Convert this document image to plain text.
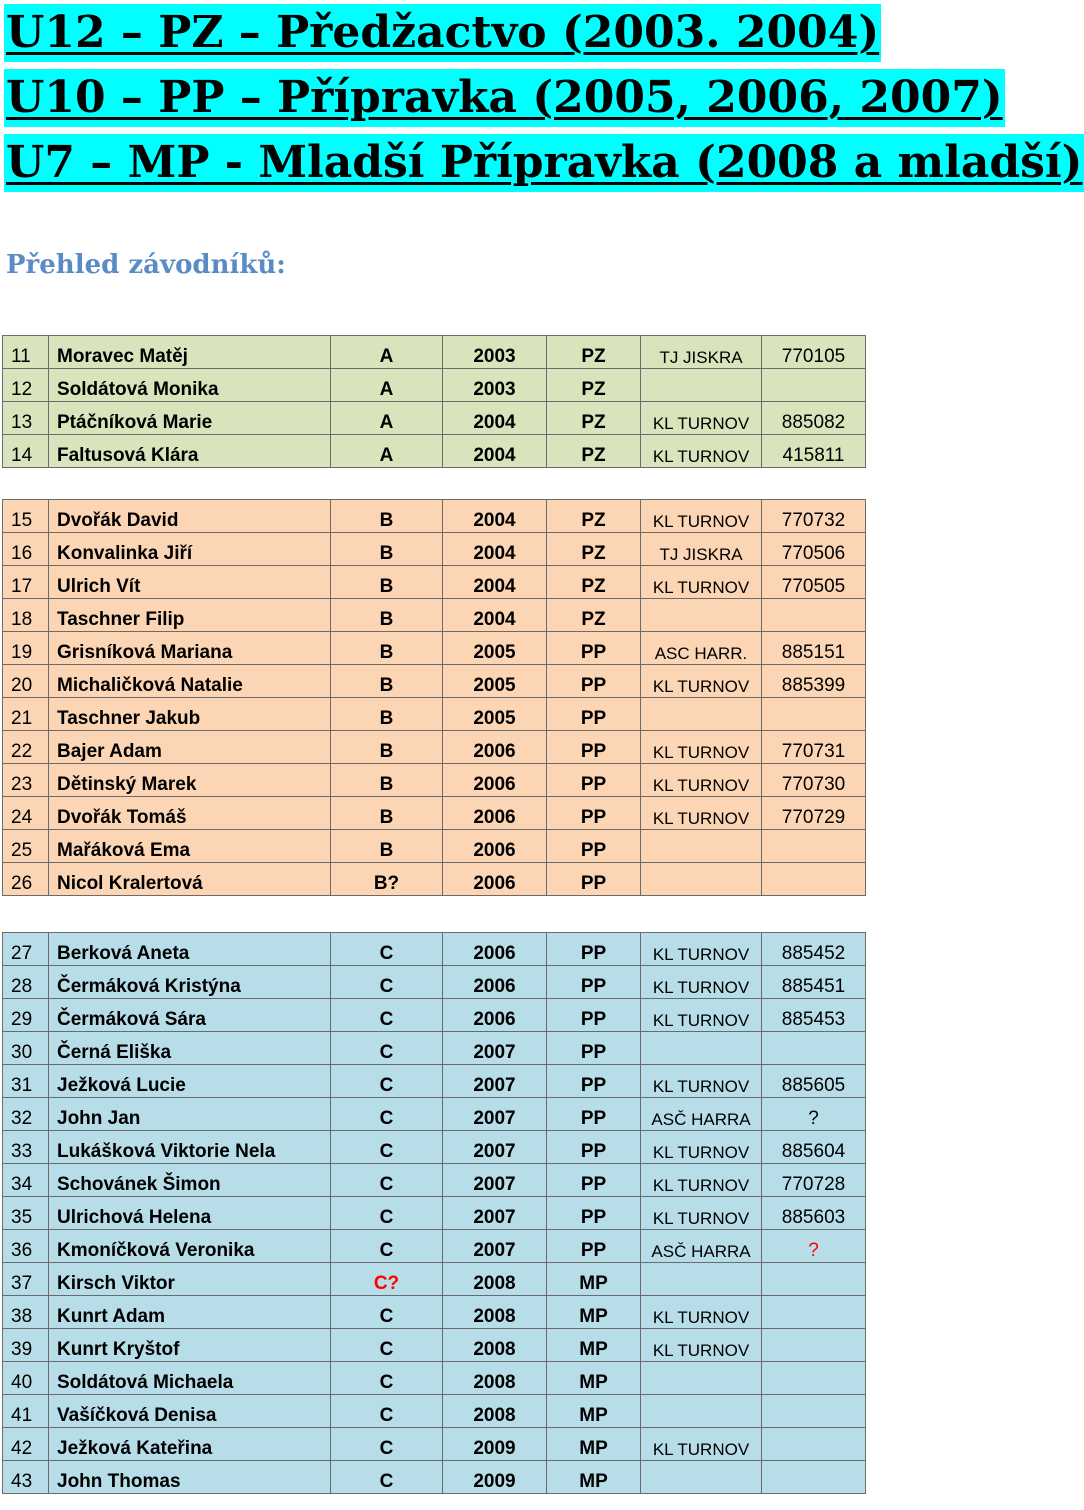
U12 – PZ – Předžactvo (2003. 2004)
U10 – PP – Přípravka (2005, 2006, 2007)
U7 – MP - Mladší Přípravka (2008 a mladší)
Přehled závodníků:
11	Moravec Matěj	A	2003	PZ	TJ JISKRA	770105
12	Soldátová Monika	A	2003	PZ		
13	Ptáčníková Marie	A	2004	PZ	KL TURNOV	885082
14	Faltusová Klára	A	2004	PZ	KL TURNOV	415811
15	Dvořák David	B	2004	PZ	KL TURNOV	770732
16	Konvalinka Jiří	B	2004	PZ	TJ JISKRA	770506
17	Ulrich Vít	B	2004	PZ	KL TURNOV	770505
18	Taschner Filip	B	2004	PZ		
19	Grisníková Mariana	B	2005	PP	ASC HARR.	885151
20	Michaličková Natalie	B	2005	PP	KL TURNOV	885399
21	Taschner Jakub	B	2005	PP		
22	Bajer Adam	B	2006	PP	KL TURNOV	770731
23	Dětinský Marek	B	2006	PP	KL TURNOV	770730
24	Dvořák Tomáš	B	2006	PP	KL TURNOV	770729
25	Mařáková Ema	B	2006	PP		
26	Nicol Kralertová	B?	2006	PP		
27	Berková Aneta	C	2006	PP	KL TURNOV	885452
28	Čermáková Kristýna	C	2006	PP	KL TURNOV	885451
29	Čermáková Sára	C	2006	PP	KL TURNOV	885453
30	Černá Eliška	C	2007	PP		
31	Ježková Lucie	C	2007	PP	KL TURNOV	885605
32	John Jan	C	2007	PP	ASČ HARRA	?
33	Lukášková Viktorie Nela	C	2007	PP	KL TURNOV	885604
34	Schovánek Šimon	C	2007	PP	KL TURNOV	770728
35	Ulrichová Helena	C	2007	PP	KL TURNOV	885603
36	Kmoníčková Veronika	C	2007	PP	ASČ HARRA	?
37	Kirsch Viktor	C?	2008	MP		
38	Kunrt Adam	C	2008	MP	KL TURNOV	
39	Kunrt Kryštof	C	2008	MP	KL TURNOV	
40	Soldátová Michaela	C	2008	MP		
41	Vašíčková Denisa	C	2008	MP		
42	Ježková Kateřina	C	2009	MP	KL TURNOV	
43	John Thomas	C	2009	MP		
